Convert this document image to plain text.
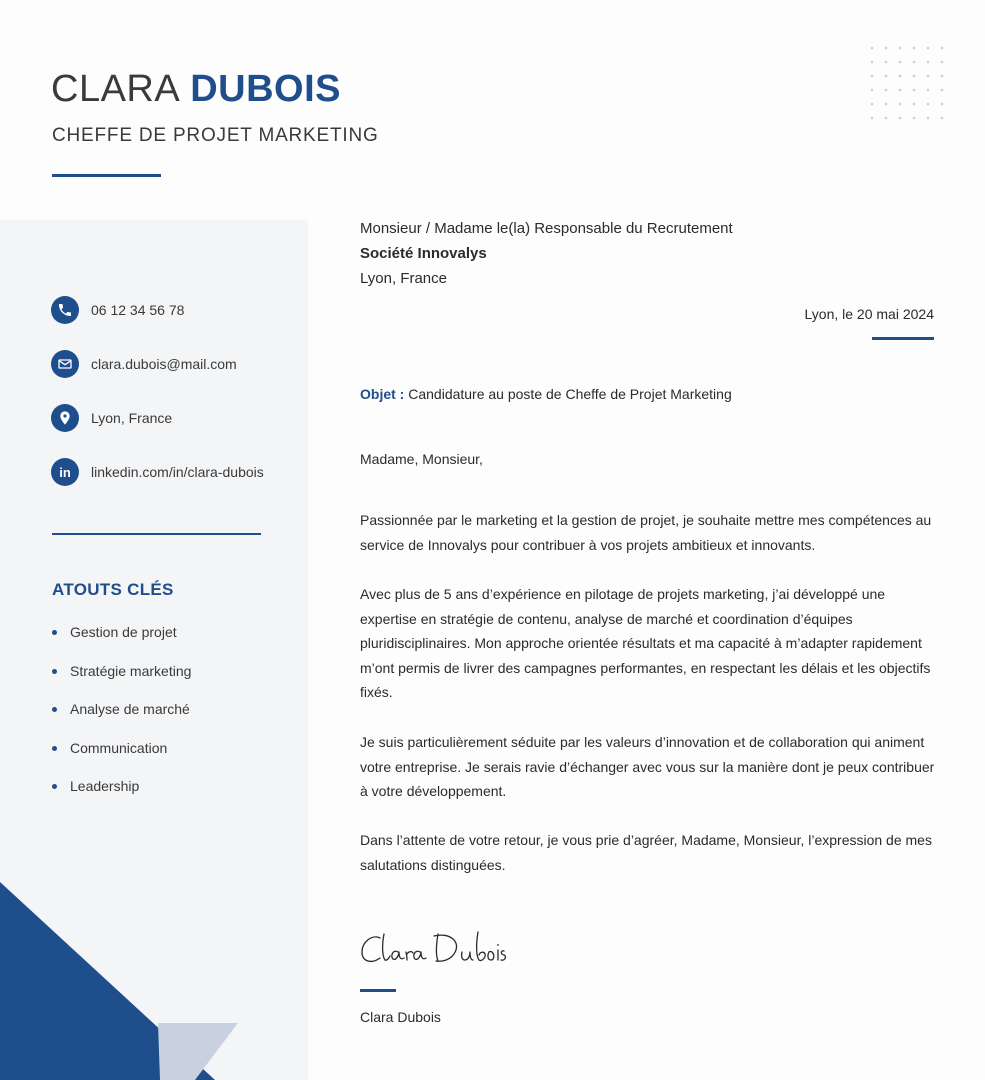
CLARA DUBOIS
CHEFFE DE PROJET MARKETING
06 12 34 56 78
clara.dubois@mail.com
Lyon, France
in linkedin.com/in/clara-dubois
ATOUTS CLÉS
Gestion de projet
Stratégie marketing
Analyse de marché
Communication
Leadership
Monsieur / Madame le(la) Responsable du Recrutement
Société Innovalys
Lyon, France
Lyon, le 20 mai 2024
Objet : Candidature au poste de Cheffe de Projet Marketing
Madame, Monsieur,

Passionnée par le marketing et la gestion de projet, je souhaite mettre mes compétences au service de Innovalys pour contribuer à vos projets ambitieux et innovants.

Avec plus de 5 ans d’expérience en pilotage de projets marketing, j’ai développé une expertise en stratégie de contenu, analyse de marché et coordination d’équipes pluridisciplinaires. Mon approche orientée résultats et ma capacité à m’adapter rapidement m’ont permis de livrer des campagnes performantes, en respectant les délais et les objectifs fixés.

Je suis particulièrement séduite par les valeurs d’innovation et de collaboration qui animent votre entreprise. Je serais ravie d’échanger avec vous sur la manière dont je peux contribuer à votre développement.

Dans l’attente de votre retour, je vous prie d’agréer, Madame, Monsieur, l’expression de mes salutations distinguées.

Clara Dubois
